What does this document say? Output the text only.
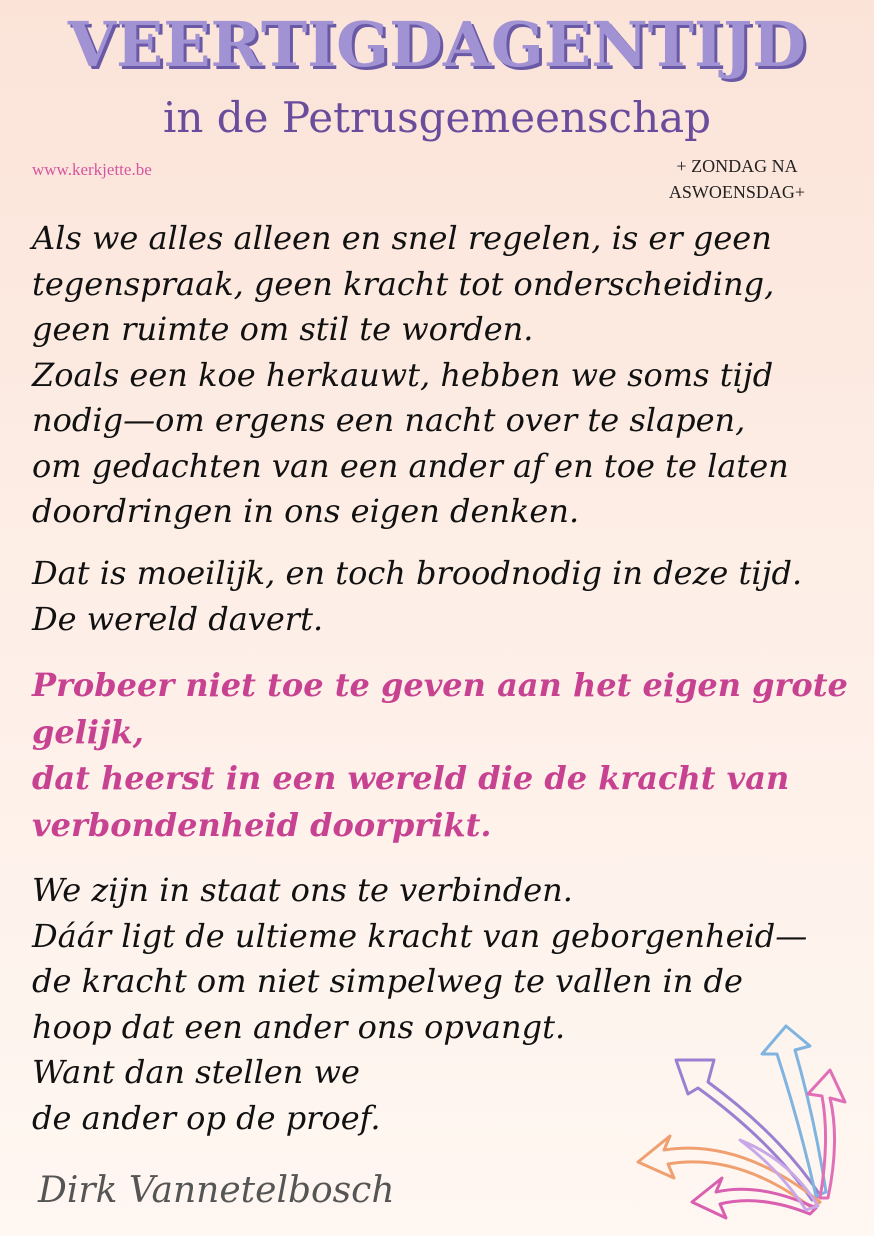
VEERTIGDAGENTIJD
in de Petrusgemeenschap
www.kerkjette.be	+ ZONDAG NA
ASWOENSDAG+
Als we alles alleen en snel regelen, is er geen
tegenspraak, geen kracht tot onderscheiding,
geen ruimte om stil te worden.
Zoals een koe herkauwt, hebben we soms tijd
nodig—om ergens een nacht over te slapen,
om gedachten van een ander af en toe te laten
doordringen in ons eigen denken.
Dat is moeilijk, en toch broodnodig in deze tijd.
De wereld davert.
Probeer niet toe te geven aan het eigen grote
gelijk,
dat heerst in een wereld die de kracht van
verbondenheid doorprikt.
We zijn in staat ons te verbinden.
Dáár ligt de ultieme kracht van geborgenheid—
de kracht om niet simpelweg te vallen in de
hoop dat een ander ons opvangt.
Want dan stellen we
de ander op de proef.
Dirk Vannetelbosch
